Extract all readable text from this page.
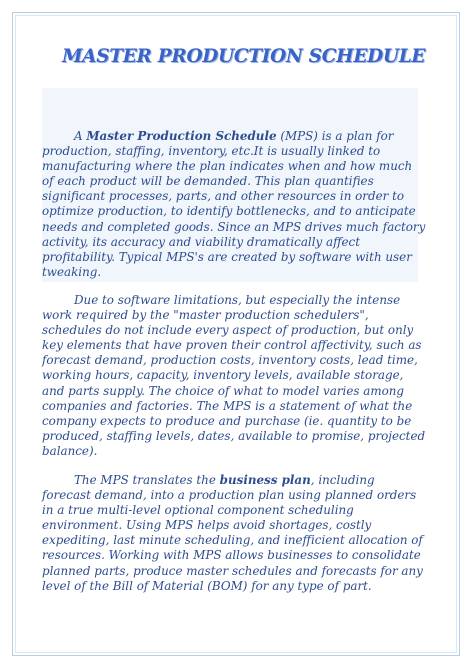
MASTER PRODUCTION SCHEDULE

A Master Production Schedule (MPS) is a plan for production, staffing, inventory, etc.It is usually linked to manufacturing where the plan indicates when and how much of each product will be demanded. This plan quantifies significant processes, parts, and other resources in order to optimize production, to identify bottlenecks, and to anticipate needs and completed goods. Since an MPS drives much factory activity, its accuracy and viability dramatically affect profitability. Typical MPS's are created by software with user tweaking.

Due to software limitations, but especially the intense work required by the "master production schedulers", schedules do not include every aspect of production, but only key elements that have proven their control affectivity, such as forecast demand, production costs, inventory costs, lead time, working hours, capacity, inventory levels, available storage, and parts supply. The choice of what to model varies among companies and factories. The MPS is a statement of what the company expects to produce and purchase (ie. quantity to be produced, staffing levels, dates, available to promise, projected balance).

The MPS translates the business plan, including forecast demand, into a production plan using planned orders in a true multi-level optional component scheduling environment. Using MPS helps avoid shortages, costly expediting, last minute scheduling, and inefficient allocation of resources. Working with MPS allows businesses to consolidate planned parts, produce master schedules and forecasts for any level of the Bill of Material (BOM) for any type of part.
